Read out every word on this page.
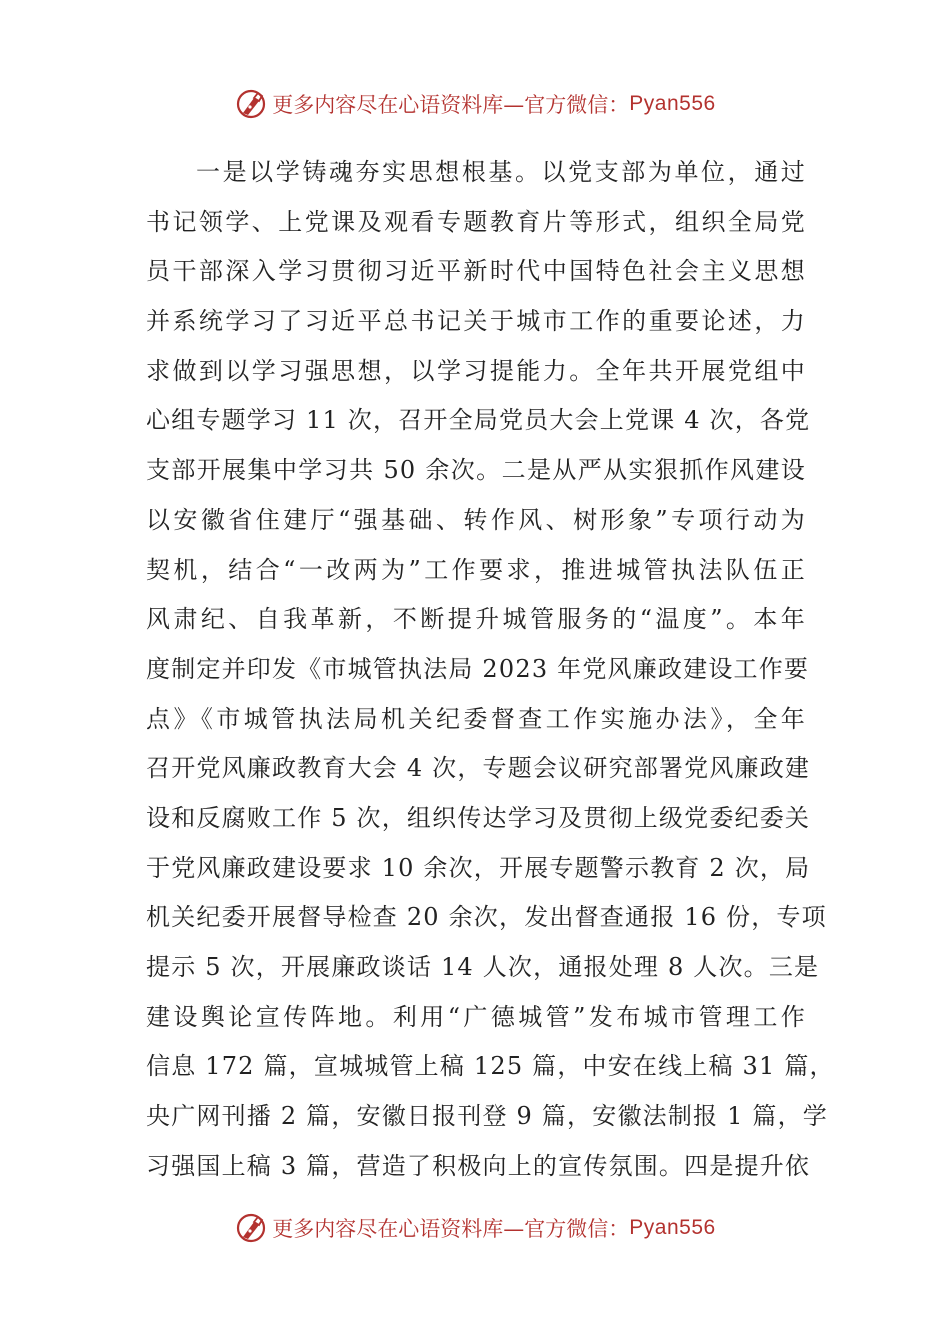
更多内容尽在心语资料库—官方微信： Pyan556
一是以学铸魂夯实思想根基。以党支部为单位，通过
书记领学、上党课及观看专题教育片等形式，组织全局党
员干部深入学习贯彻习近平新时代中国特色社会主义思想
并系统学习了习近平总书记关于城市工作的重要论述，力
求做到以学习强思想，以学习提能力。全年共开展党组中
心组专题学习 11 次，召开全局党员大会上党课 4 次，各党
支部开展集中学习共 50 余次。二是从严从实狠抓作风建设
以安徽省住建厅“强基础、转作风、树形象”专项行动为
契机，结合“一改两为”工作要求，推进城管执法队伍正
风肃纪、自我革新，不断提升城管服务的“温度”。本年
度制定并印发《市城管执法局 2023 年党风廉政建设工作要
点》《市城管执法局机关纪委督查工作实施办法》，全年
召开党风廉政教育大会 4 次，专题会议研究部署党风廉政建
设和反腐败工作 5 次，组织传达学习及贯彻上级党委纪委关
于党风廉政建设要求 10 余次，开展专题警示教育 2 次，局
机关纪委开展督导检查 20 余次，发出督查通报 16 份，专项
提示 5 次，开展廉政谈话 14 人次，通报处理 8 人次。三是
建设舆论宣传阵地。利用“广德城管”发布城市管理工作
信息 172 篇，宣城城管上稿 125 篇，中安在线上稿 31 篇，
央广网刊播 2 篇，安徽日报刊登 9 篇，安徽法制报 1 篇，学
习强国上稿 3 篇，营造了积极向上的宣传氛围。四是提升依
更多内容尽在心语资料库—官方微信： Pyan556
